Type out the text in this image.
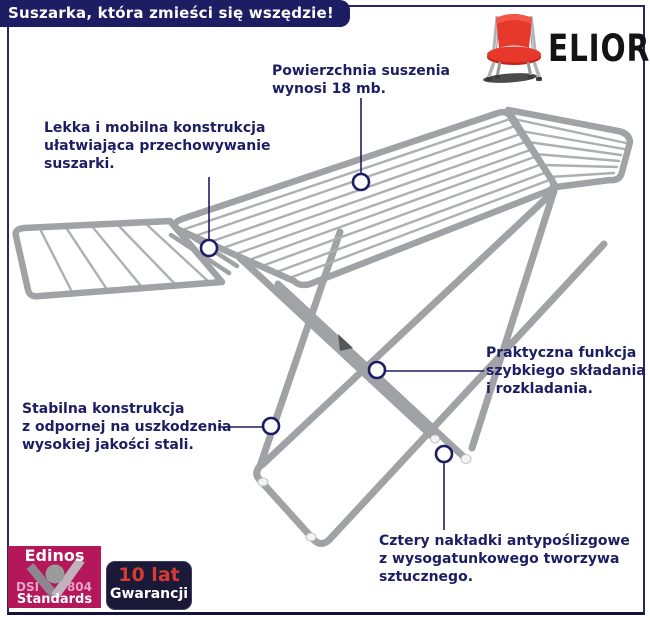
Suszarka, która zmieści się wszędzie!
ELIOR
Powierzchnia suszenia
wynosi 18 mb.
Lekka i mobilna konstrukcja
ułatwiająca przechowywanie
suszarki.
Praktyczna funkcja
szybkiego składania
i rozkladania.
Stabilna konstrukcja
z odpornej na uszkodzenia
wysokiej jakości stali.
Cztery nakładki antypoślizgowe
z wysogatunkowego tworzywa
sztucznego.
Edinos
DSI 804
Standards
10 lat
Gwarancji
